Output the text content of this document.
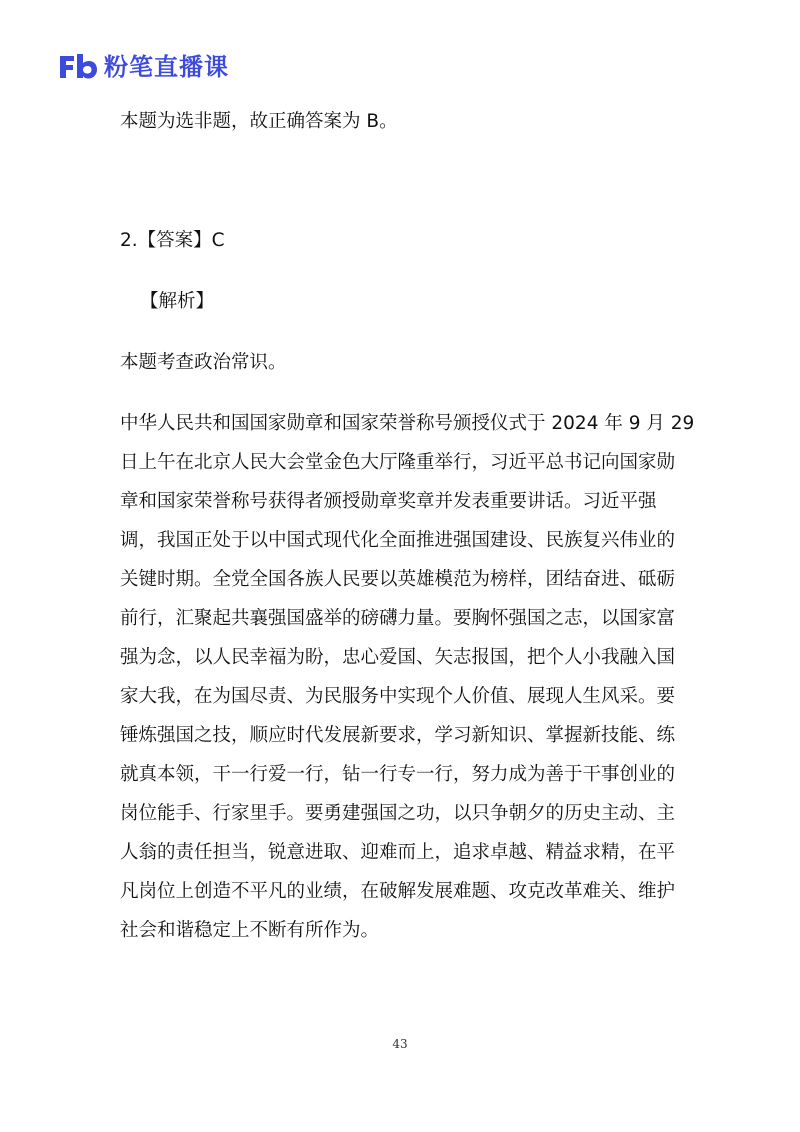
粉笔直播课
本题为选非题，故正确答案为 B。
2.【答案】C
【解析】
本题考查政治常识。
中华人民共和国国家勋章和国家荣誉称号颁授仪式于 2024 年 9 月 29
日上午在北京人民大会堂金色大厅隆重举行，习近平总书记向国家勋
章和国家荣誉称号获得者颁授勋章奖章并发表重要讲话。习近平强
调，我国正处于以中国式现代化全面推进强国建设、民族复兴伟业的
关键时期。全党全国各族人民要以英雄模范为榜样，团结奋进、砥砺
前行，汇聚起共襄强国盛举的磅礴力量。要胸怀强国之志，以国家富
强为念，以人民幸福为盼，忠心爱国、矢志报国，把个人小我融入国
家大我，在为国尽责、为民服务中实现个人价值、展现人生风采。要
锤炼强国之技，顺应时代发展新要求，学习新知识、掌握新技能、练
就真本领，干一行爱一行，钻一行专一行，努力成为善于干事创业的
岗位能手、行家里手。要勇建强国之功，以只争朝夕的历史主动、主
人翁的责任担当，锐意进取、迎难而上，追求卓越、精益求精，在平
凡岗位上创造不平凡的业绩，在破解发展难题、攻克改革难关、维护
社会和谐稳定上不断有所作为。
43
